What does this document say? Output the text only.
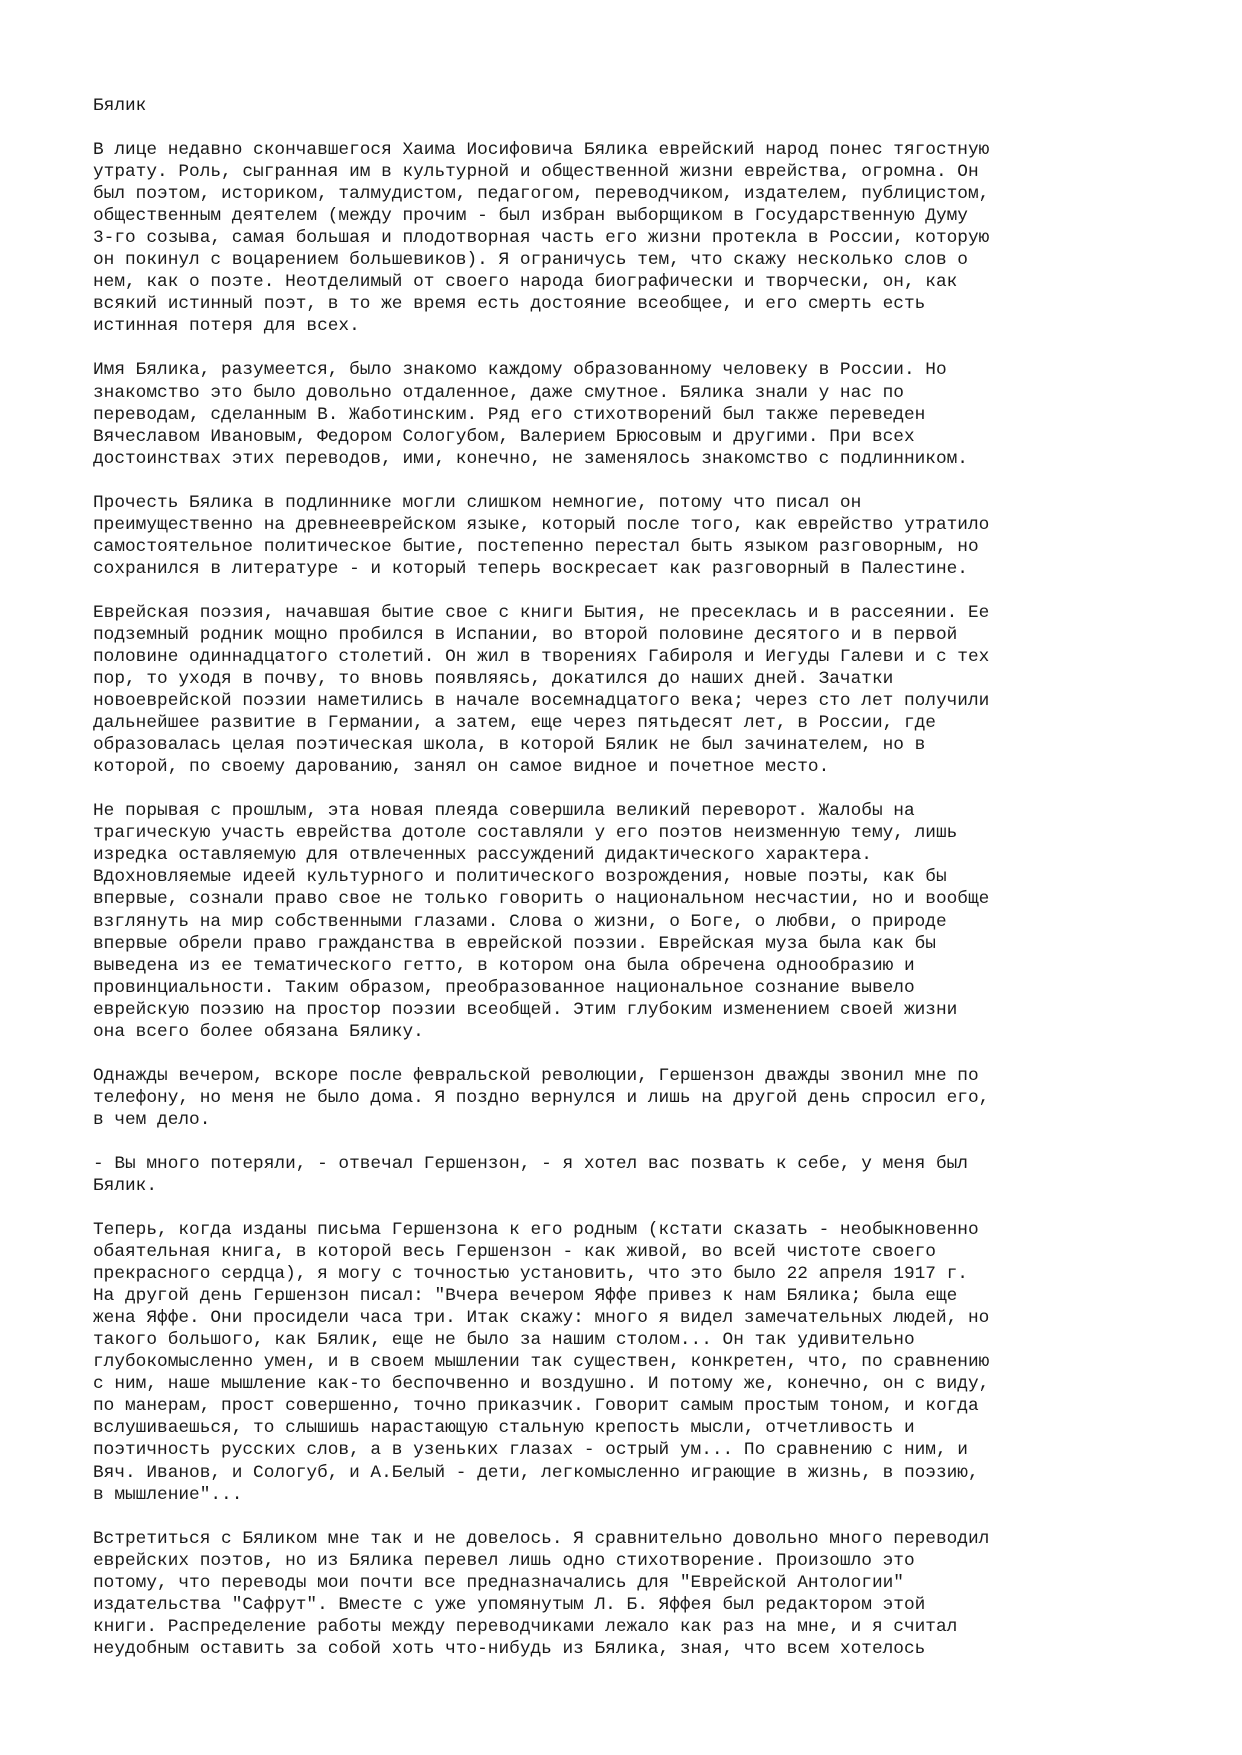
Бялик
В лице недавно скончавшегося Хаима Иосифовича Бялика еврейский народ понес тягостную
утрату. Роль, сыгранная им в культурной и общественной жизни еврейства, огромна. Он
был поэтом, историком, талмудистом, педагогом, переводчиком, издателем, публицистом,
общественным деятелем (между прочим - был избран выборщиком в Государственную Думу
3-го созыва, самая большая и плодотворная часть его жизни протекла в России, которую
он покинул с воцарением большевиков). Я ограничусь тем, что скажу несколько слов о
нем, как о поэте. Неотделимый от своего народа биографически и творчески, он, как
всякий истинный поэт, в то же время есть достояние всеобщее, и его смерть есть
истинная потеря для всех.
Имя Бялика, разумеется, было знакомо каждому образованному человеку в России. Но
знакомство это было довольно отдаленное, даже смутное. Бялика знали у нас по
переводам, сделанным В. Жаботинским. Ряд его стихотворений был также переведен
Вячеславом Ивановым, Федором Сологубом, Валерием Брюсовым и другими. При всех
достоинствах этих переводов, ими, конечно, не заменялось знакомство с подлинником.
Прочесть Бялика в подлиннике могли слишком немногие, потому что писал он
преимущественно на древнееврейском языке, который после того, как еврейство утратило
самостоятельное политическое бытие, постепенно перестал быть языком разговорным, но
сохранился в литературе - и который теперь воскресает как разговорный в Палестине.
Еврейская поэзия, начавшая бытие свое с книги Бытия, не пресеклась и в рассеянии. Ее
подземный родник мощно пробился в Испании, во второй половине десятого и в первой
половине одиннадцатого столетий. Он жил в творениях Габироля и Иегуды Галеви и с тех
пор, то уходя в почву, то вновь появляясь, докатился до наших дней. Зачатки
новоеврейской поэзии наметились в начале восемнадцатого века; через сто лет получили
дальнейшее развитие в Германии, а затем, еще через пятьдесят лет, в России, где
образовалась целая поэтическая школа, в которой Бялик не был зачинателем, но в
которой, по своему дарованию, занял он самое видное и почетное место.
Не порывая с прошлым, эта новая плеяда совершила великий переворот. Жалобы на
трагическую участь еврейства дотоле составляли у его поэтов неизменную тему, лишь
изредка оставляемую для отвлеченных рассуждений дидактического характера.
Вдохновляемые идеей культурного и политического возрождения, новые поэты, как бы
впервые, сознали право свое не только говорить о национальном несчастии, но и вообще
взглянуть на мир собственными глазами. Слова о жизни, о Боге, о любви, о природе
впервые обрели право гражданства в еврейской поэзии. Еврейская муза была как бы
выведена из ее тематического гетто, в котором она была обречена однообразию и
провинциальности. Таким образом, преобразованное национальное сознание вывело
еврейскую поэзию на простор поэзии всеобщей. Этим глубоким изменением своей жизни
она всего более обязана Бялику.
Однажды вечером, вскоре после февральской революции, Гершензон дважды звонил мне по
телефону, но меня не было дома. Я поздно вернулся и лишь на другой день спросил его,
в чем дело.
- Вы много потеряли, - отвечал Гершензон, - я хотел вас позвать к себе, у меня был
Бялик.
Теперь, когда изданы письма Гершензона к его родным (кстати сказать - необыкновенно
обаятельная книга, в которой весь Гершензон - как живой, во всей чистоте своего
прекрасного сердца), я могу с точностью установить, что это было 22 апреля 1917 г.
На другой день Гершензон писал: "Вчера вечером Яффе привез к нам Бялика; была еще
жена Яффе. Они просидели часа три. Итак скажу: много я видел замечательных людей, но
такого большого, как Бялик, еще не было за нашим столом... Он так удивительно
глубокомысленно умен, и в своем мышлении так существен, конкретен, что, по сравнению
с ним, наше мышление как-то беспочвенно и воздушно. И потому же, конечно, он с виду,
по манерам, прост совершенно, точно приказчик. Говорит самым простым тоном, и когда
вслушиваешься, то слышишь нарастающую стальную крепость мысли, отчетливость и
поэтичность русских слов, а в узеньких глазах - острый ум... По сравнению с ним, и
Вяч. Иванов, и Сологуб, и А.Белый - дети, легкомысленно играющие в жизнь, в поэзию,
в мышление"...
Встретиться с Бяликом мне так и не довелось. Я сравнительно довольно много переводил
еврейских поэтов, но из Бялика перевел лишь одно стихотворение. Произошло это
потому, что переводы мои почти все предназначались для "Еврейской Антологии"
издательства "Сафрут". Вместе с уже упомянутым Л. Б. Яффея был редактором этой
книги. Распределение работы между переводчиками лежало как раз на мне, и я считал
неудобным оставить за собой хоть что-нибудь из Бялика, зная, что всем хотелось
